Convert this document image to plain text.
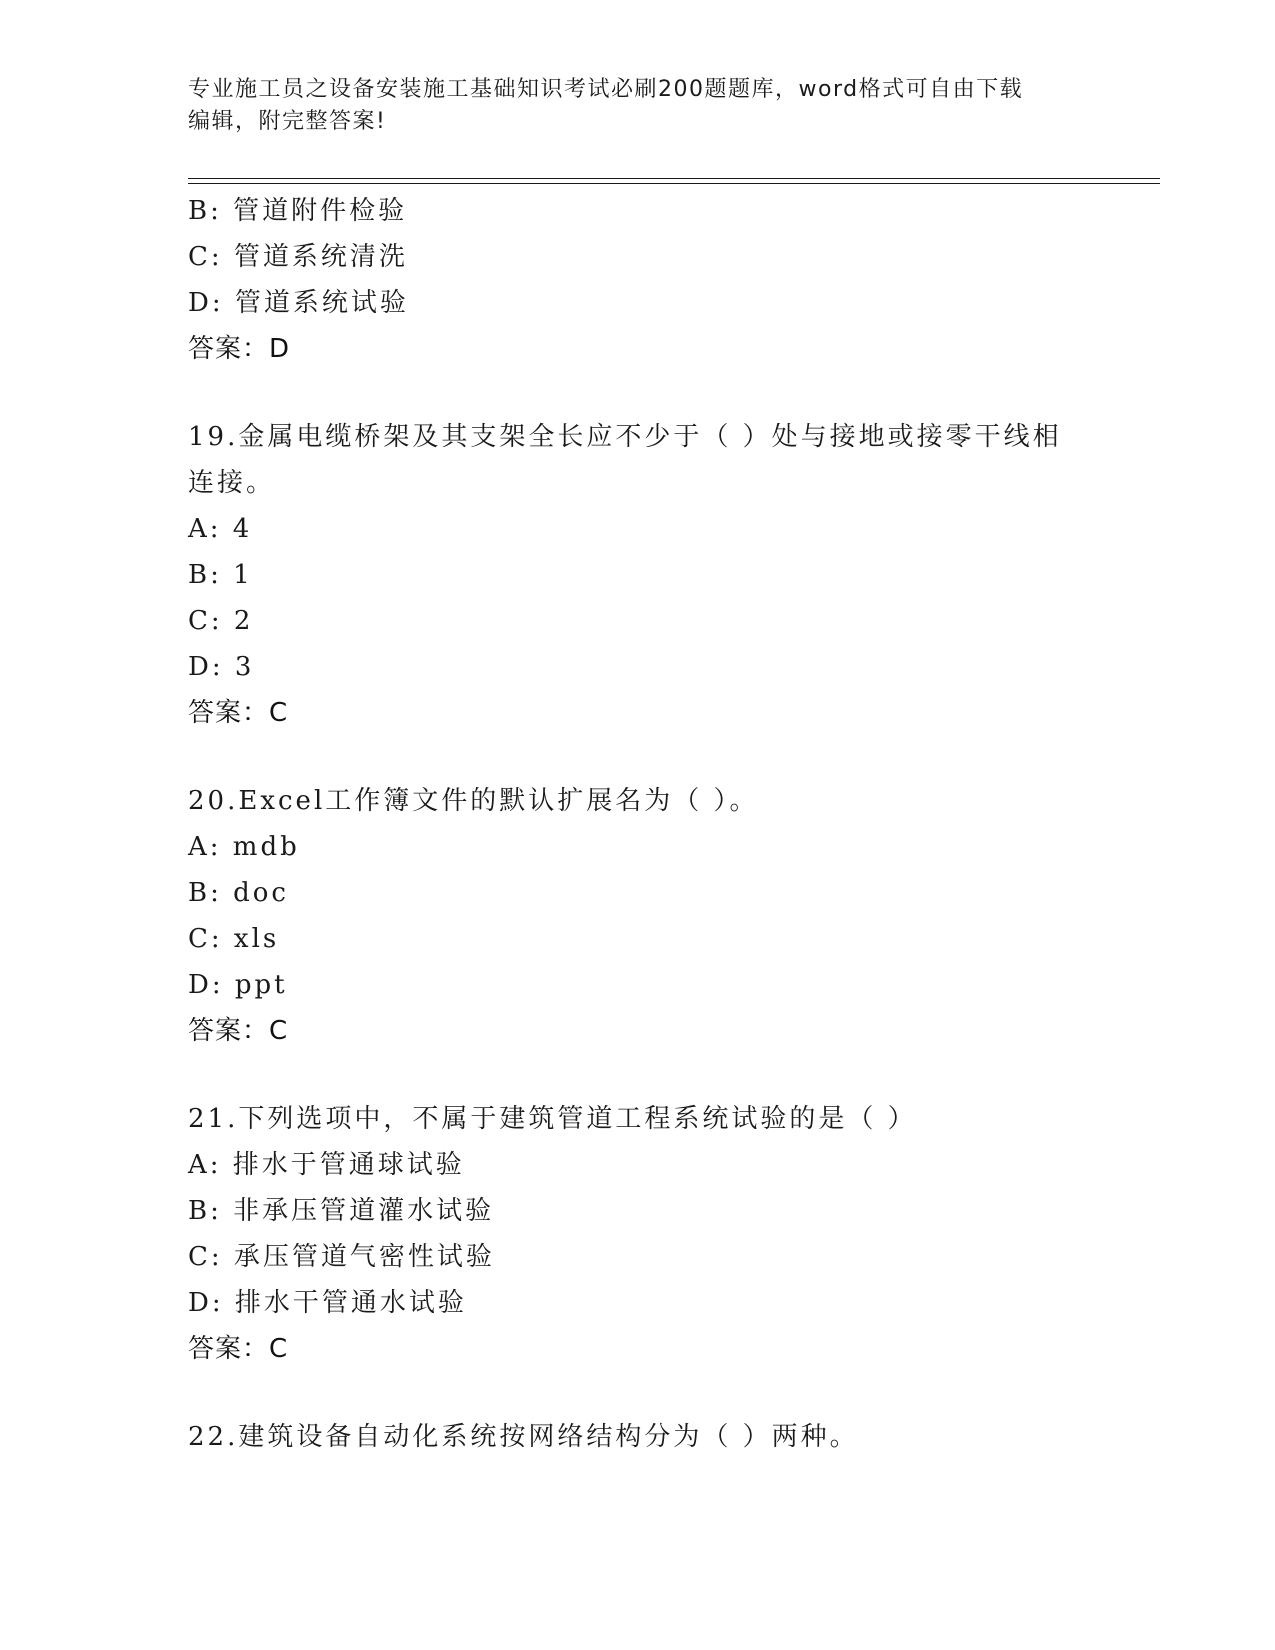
专业施工员之设备安装施工基础知识考试必刷200题题库，word格式可自由下载
编辑，附完整答案!
B: 管道附件检验
C: 管道系统清洗
D: 管道系统试验
答案：D
19.金属电缆桥架及其支架全长应不少于（ ）处与接地或接零干线相
连接。
A: 4
B: 1
C: 2
D: 3
答案：C
20.Excel工作簿文件的默认扩展名为（ ）。
A: mdb
B: doc
C: xls
D: ppt
答案：C
21.下列选项中，不属于建筑管道工程系统试验的是（ ）
A: 排水于管通球试验
B: 非承压管道灌水试验
C: 承压管道气密性试验
D: 排水干管通水试验
答案：C
22.建筑设备自动化系统按网络结构分为（ ）两种。
